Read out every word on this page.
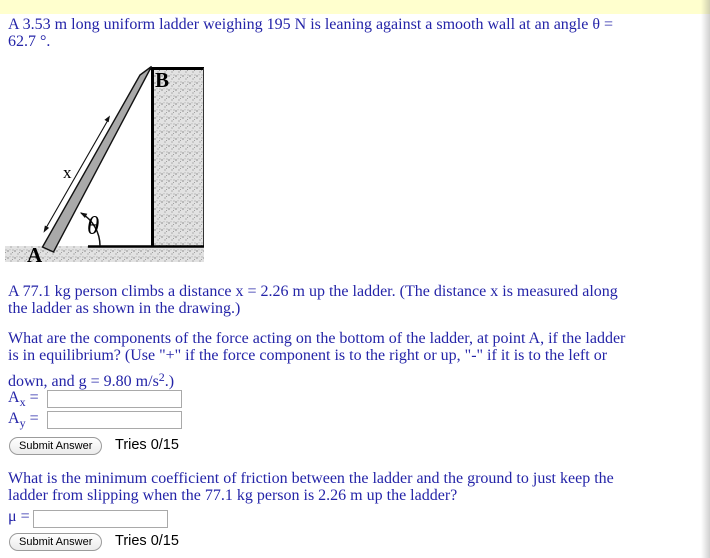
A 3.53 m long uniform ladder weighing 195 N is leaning against a smooth wall at an angle θ =
62.7 °.
x
θ
B
A
A 77.1 kg person climbs a distance x = 2.26 m up the ladder. (The distance x is measured along
the ladder as shown in the drawing.)
What are the components of the force acting on the bottom of the ladder, at point A, if the ladder
is in equilibrium? (Use "+" if the force component is to the right or up, "-" if it is to the left or
down, and g = 9.80 $m/s^2$.)
$A_x$ =
$A_y$ =
Submit Answer	Tries 0/15
What is the minimum coefficient of friction between the ladder and the ground to just keep the
ladder from slipping when the 77.1 kg person is 2.26 m up the ladder?
μ =
Submit Answer	Tries 0/15
